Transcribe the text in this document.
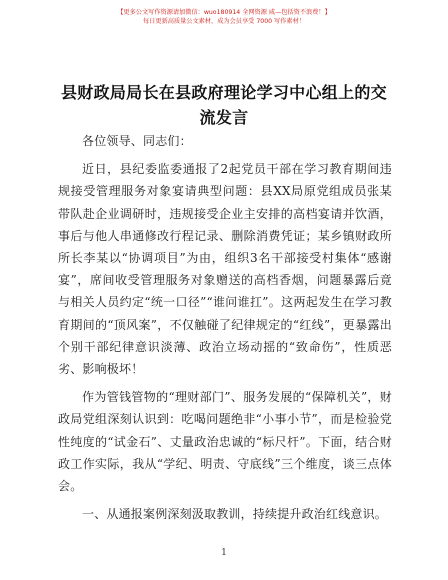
【更多公文写作资源请加微信：wuo180914 全网资源 咸—包括资不浪费！】
每日更新高质量公文素材，成为会员享受 7000 写作素材！
县财政局局长在县政府理论学习中心组上的交流发言

各位领导、同志们：

近日，县纪委监委通报了2起党员干部在学习教育期间违规接受管理服务对象宴请典型问题：县XX局原党组成员张某带队赴企业调研时，违规接受企业主安排的高档宴请并饮酒，事后与他人串通修改行程记录、删除消费凭证；某乡镇财政所所长李某以“协调项目”为由，组织3名干部接受村集体“感谢宴”，席间收受管理服务对象赠送的高档香烟，问题暴露后竟与相关人员约定“统一口径”“谁问谁扛”。这两起发生在学习教育期间的“顶风案”，不仅触碰了纪律规定的“红线”，更暴露出个别干部纪律意识淡薄、政治立场动摇的“致命伤”，性质恶劣、影响极坏！

作为管钱管物的“理财部门”、服务发展的“保障机关”，财政局党组深刻认识到：吃喝问题绝非“小事小节”，而是检验党性纯度的“试金石”、丈量政治忠诚的“标尺杆”。下面，结合财政工作实际，我从“学纪、明责、守底线”三个维度，谈三点体会。

一、从通报案例深刻汲取教训，持续提升政治红线意识。

1
